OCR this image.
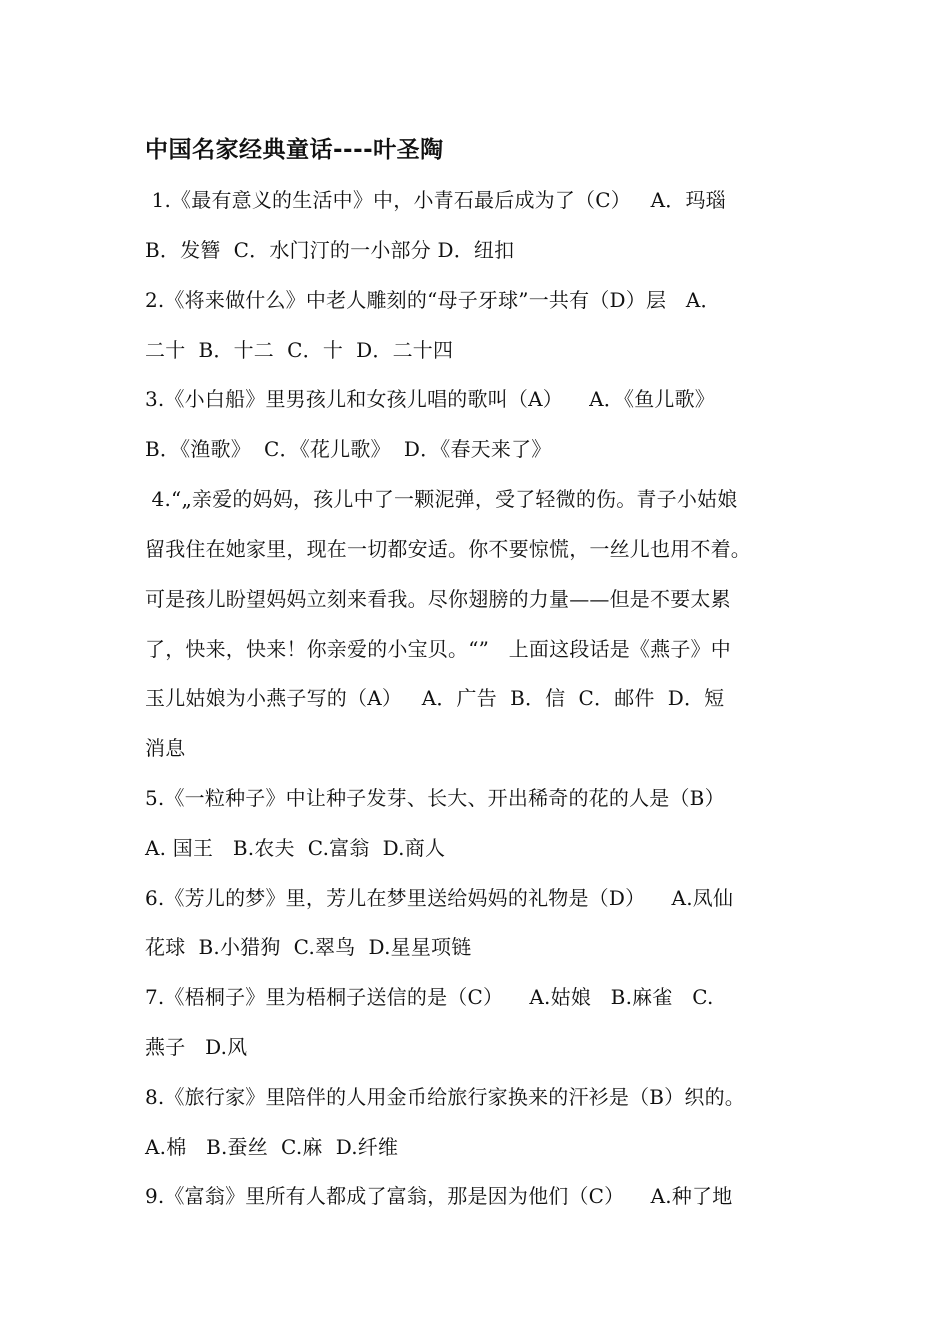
中国名家经典童话----叶圣陶
1.《最有意义的生活中》中，小青石最后成为了（C）   A．玛瑙
B．发簪  C．水门汀的一小部分 D．纽扣
2.《将来做什么》中老人雕刻的“母子牙球”一共有（D）层   A．
二十  B．十二  C．十  D．二十四
3.《小白船》里男孩儿和女孩儿唱的歌叫（A）    A．《鱼儿歌》
B．《渔歌》  C．《花儿歌》  D．《春天来了》
4.“„亲爱的妈妈，孩儿中了一颗泥弹，受了轻微的伤。青子小姑娘
留我住在她家里，现在一切都安适。你不要惊慌，一丝儿也用不着。
可是孩儿盼望妈妈立刻来看我。尽你翅膀的力量——但是不要太累
了，快来，快来！你亲爱的小宝贝。“”   上面这段话是《燕子》中
玉儿姑娘为小燕子写的（A）   A．广告  B．信  C．邮件  D．短
消息
5.《一粒种子》中让种子发芽、长大、开出稀奇的花的人是（B）
A. 国王   B.农夫  C.富翁  D.商人
6.《芳儿的梦》里，芳儿在梦里送给妈妈的礼物是（D）    A.凤仙
花球  B.小猎狗  C.翠鸟  D.星星项链
7.《梧桐子》里为梧桐子送信的是（C）    A.姑娘   B.麻雀   C.
燕子   D.风
8.《旅行家》里陪伴的人用金币给旅行家换来的汗衫是（B）织的。
A.棉   B.蚕丝  C.麻  D.纤维
9.《富翁》里所有人都成了富翁，那是因为他们（C）    A.种了地
